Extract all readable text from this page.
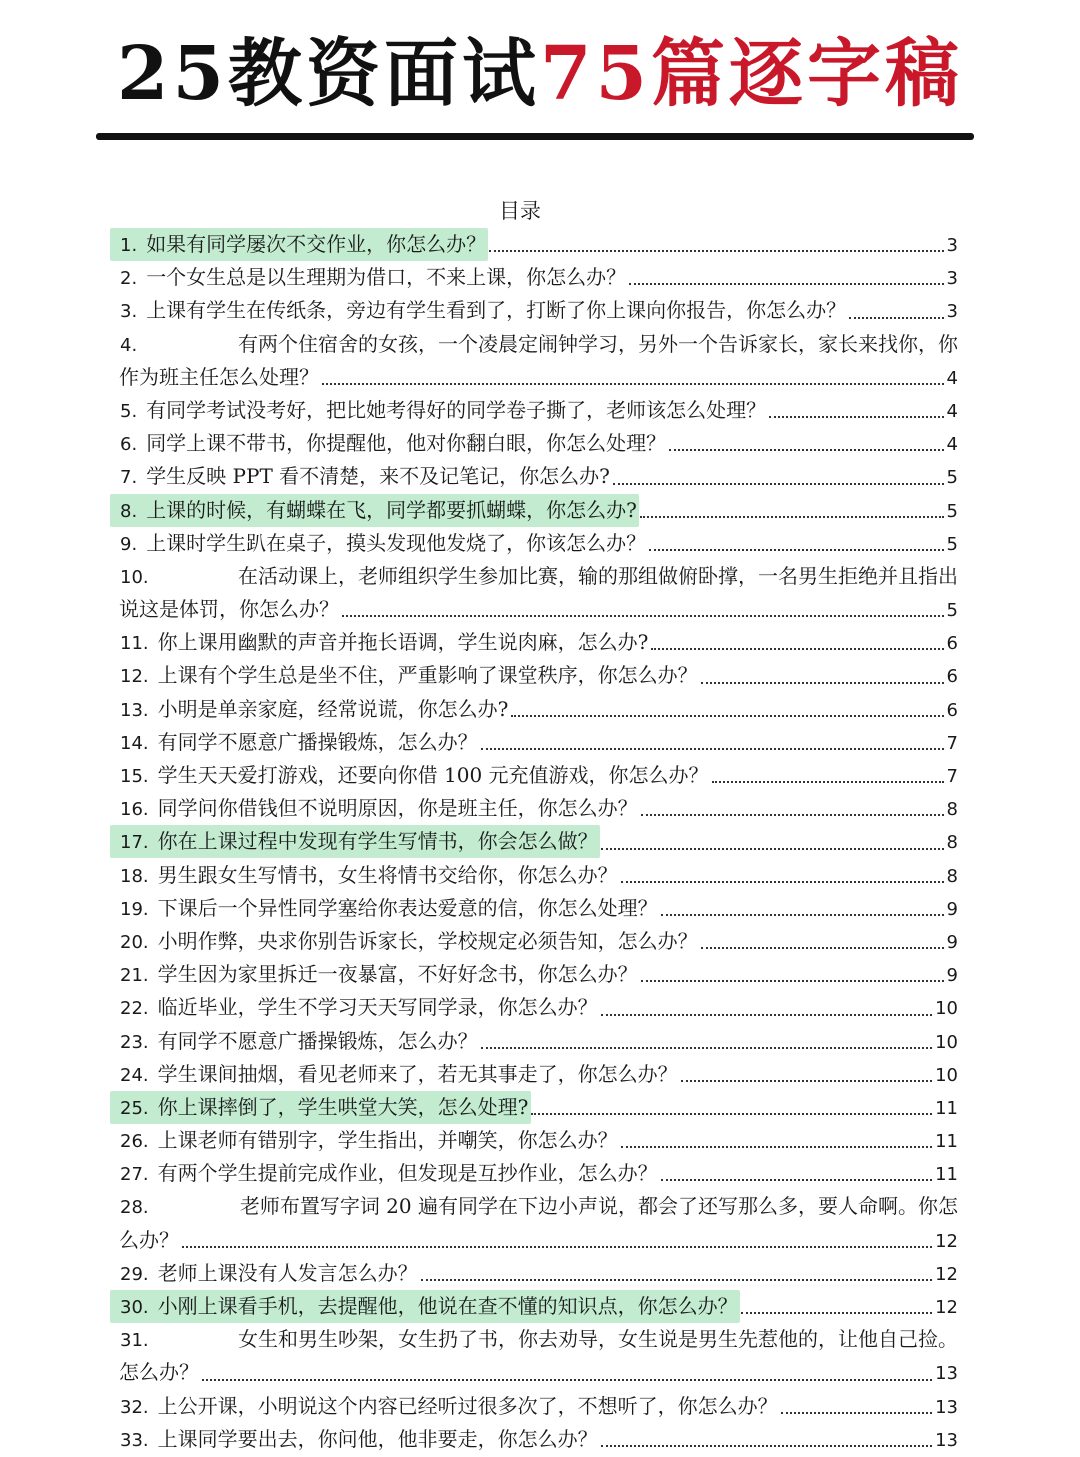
25教资面试75篇逐字稿
目录
1. 如果有同学屡次不交作业，你怎么办？	3
2. 一个女生总是以生理期为借口，不来上课，你怎么办？	3
3. 上课有学生在传纸条，旁边有学生看到了，打断了你上课向你报告，你怎么办？	3
4.	有两个住宿舍的女孩，一个凌晨定闹钟学习，另外一个告诉家长，家长来找你，你
作为班主任怎么处理？	4
5. 有同学考试没考好，把比她考得好的同学卷子撕了，老师该怎么处理？	4
6. 同学上课不带书，你提醒他，他对你翻白眼，你怎么处理？	4
7. 学生反映 PPT 看不清楚，来不及记笔记，你怎么办?	5
8. 上课的时候，有蝴蝶在飞，同学都要抓蝴蝶，你怎么办?	5
9. 上课时学生趴在桌子，摸头发现他发烧了，你该怎么办？	5
10.	在活动课上，老师组织学生参加比赛，输的那组做俯卧撑，一名男生拒绝并且指出
说这是体罚，你怎么办？	5
11. 你上课用幽默的声音并拖长语调，学生说肉麻，怎么办?	6
12. 上课有个学生总是坐不住，严重影响了课堂秩序，你怎么办？	6
13. 小明是单亲家庭，经常说谎，你怎么办?	6
14. 有同学不愿意广播操锻炼，怎么办？	7
15. 学生天天爱打游戏，还要向你借 100 元充值游戏，你怎么办？	7
16. 同学问你借钱但不说明原因，你是班主任，你怎么办？	8
17. 你在上课过程中发现有学生写情书，你会怎么做？	8
18. 男生跟女生写情书，女生将情书交给你，你怎么办？	8
19. 下课后一个异性同学塞给你表达爱意的信，你怎么处理？	9
20. 小明作弊，央求你别告诉家长，学校规定必须告知，怎么办？	9
21. 学生因为家里拆迁一夜暴富，不好好念书，你怎么办？	9
22. 临近毕业，学生不学习天天写同学录，你怎么办？	10
23. 有同学不愿意广播操锻炼，怎么办？	10
24. 学生课间抽烟，看见老师来了，若无其事走了，你怎么办？	10
25. 你上课摔倒了，学生哄堂大笑，怎么处理?	11
26. 上课老师有错别字，学生指出，并嘲笑，你怎么办？	11
27. 有两个学生提前完成作业，但发现是互抄作业，怎么办？	11
28.	老师布置写字词 20 遍有同学在下边小声说，都会了还写那么多，要人命啊。你怎
么办？	12
29. 老师上课没有人发言怎么办？	12
30. 小刚上课看手机，去提醒他，他说在查不懂的知识点，你怎么办？	12
31.	女生和男生吵架，女生扔了书，你去劝导，女生说是男生先惹他的，让他自己捡。
怎么办？	13
32. 上公开课，小明说这个内容已经听过很多次了，不想听了，你怎么办？	13
33. 上课同学要出去，你问他，他非要走，你怎么办？	13
